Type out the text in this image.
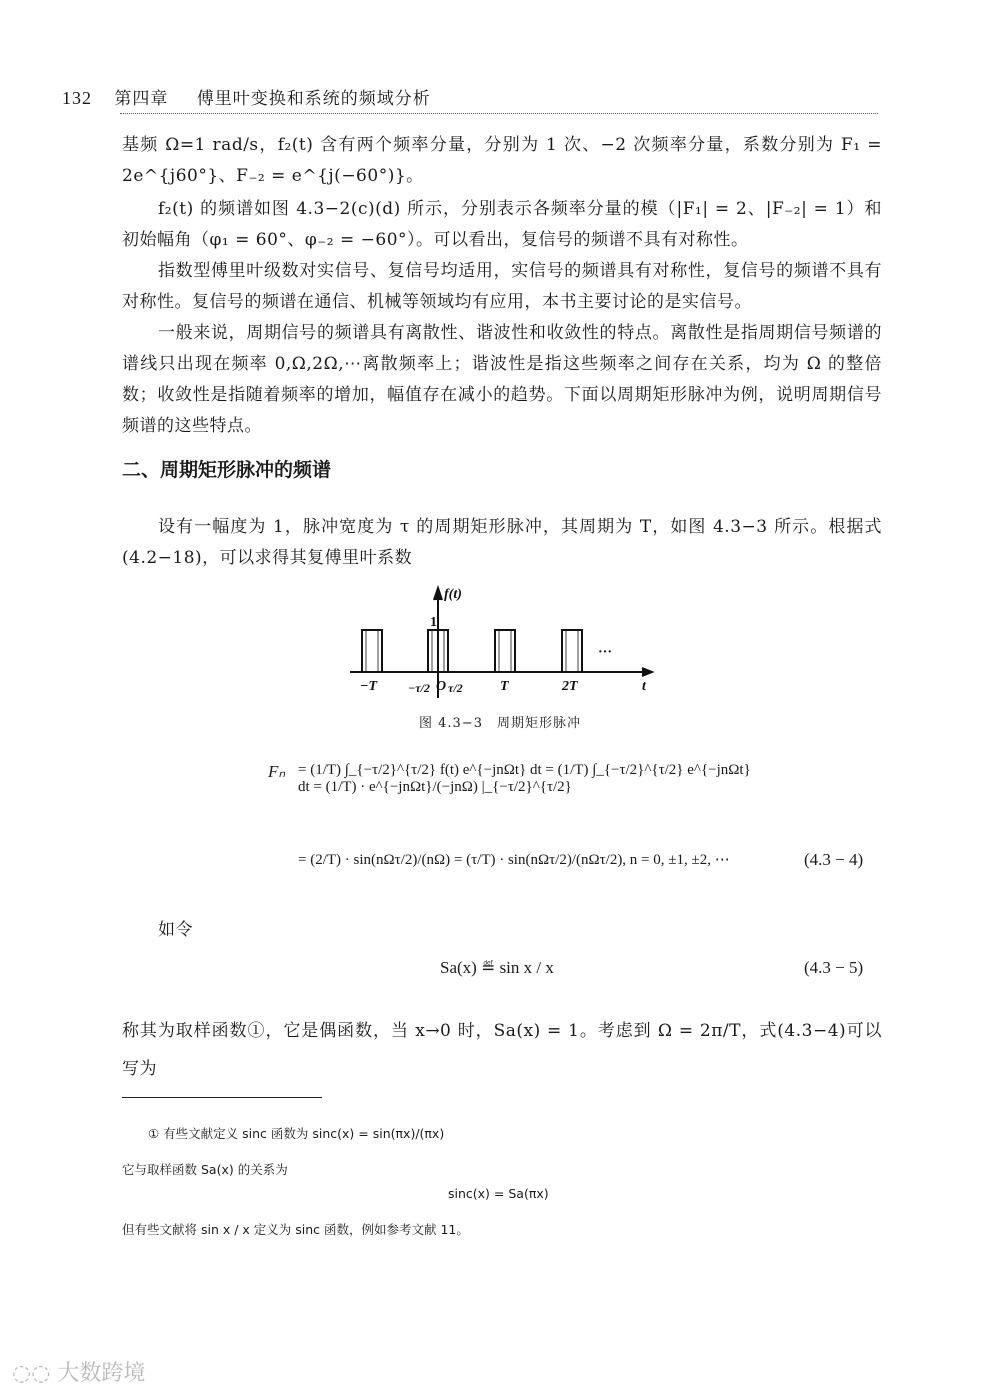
132 第四章 傅里叶变换和系统的频域分析

基频 Ω=1 rad/s，f₂(t) 含有两个频率分量，分别为 1 次、−2 次频率分量，系数分别为 F₁ = 2e^{j60°}、F₋₂ = e^{j(−60°)}。

f₂(t) 的频谱如图 4.3−2(c)(d) 所示，分别表示各频率分量的模（|F₁| = 2、|F₋₂| = 1）和初始幅角（φ₁ = 60°、φ₋₂ = −60°）。可以看出，复信号的频谱不具有对称性。

指数型傅里叶级数对实信号、复信号均适用，实信号的频谱具有对称性，复信号的频谱不具有对称性。复信号的频谱在通信、机械等领域均有应用，本书主要讨论的是实信号。

一般来说，周期信号的频谱具有离散性、谐波性和收敛性的特点。离散性是指周期信号频谱的谱线只出现在频率 0,Ω,2Ω,⋯离散频率上；谐波性是指这些频率之间存在关系，均为 Ω 的整倍数；收敛性是指随着频率的增加，幅值存在减小的趋势。下面以周期矩形脉冲为例，说明周期信号频谱的这些特点。

二、周期矩形脉冲的频谱

设有一幅度为 1，脉冲宽度为 τ 的周期矩形脉冲，其周期为 T，如图 4.3−3 所示。根据式(4.2−18)，可以求得其复傅里叶系数

f(t)
1
t
O
−T	−τ/2 τ/2	T	2T
···
图 4.3−3　周期矩形脉冲
Fₙ = (1/T) ∫_{−τ/2}^{τ/2} f(t) e^{−jnΩt} dt = (1/T) ∫_{−τ/2}^{τ/2} e^{−jnΩt} dt = (1/T) · e^{−jnΩt}/(−jnΩ) |_{−τ/2}^{τ/2}
= (2/T) · sin(nΩτ/2)/(nΩ) = (τ/T) · sin(nΩτ/2)/(nΩτ/2), n = 0, ±1, ±2, ⋯	(4.3 − 4)
如令
Sa(x) ≝ sin x / x	(4.3 − 5)

称其为取样函数①，它是偶函数，当 x→0 时，Sa(x) = 1。考虑到 Ω = 2π/T，式(4.3−4)可以写为

① 有些文献定义 sinc 函数为 sinc(x) = sin(πx)/(πx)
它与取样函数 Sa(x) 的关系为
sinc(x) = Sa(πx)
但有些文献将 sin x / x 定义为 sinc 函数，例如参考文献 11。
◌◌ 大数跨境
